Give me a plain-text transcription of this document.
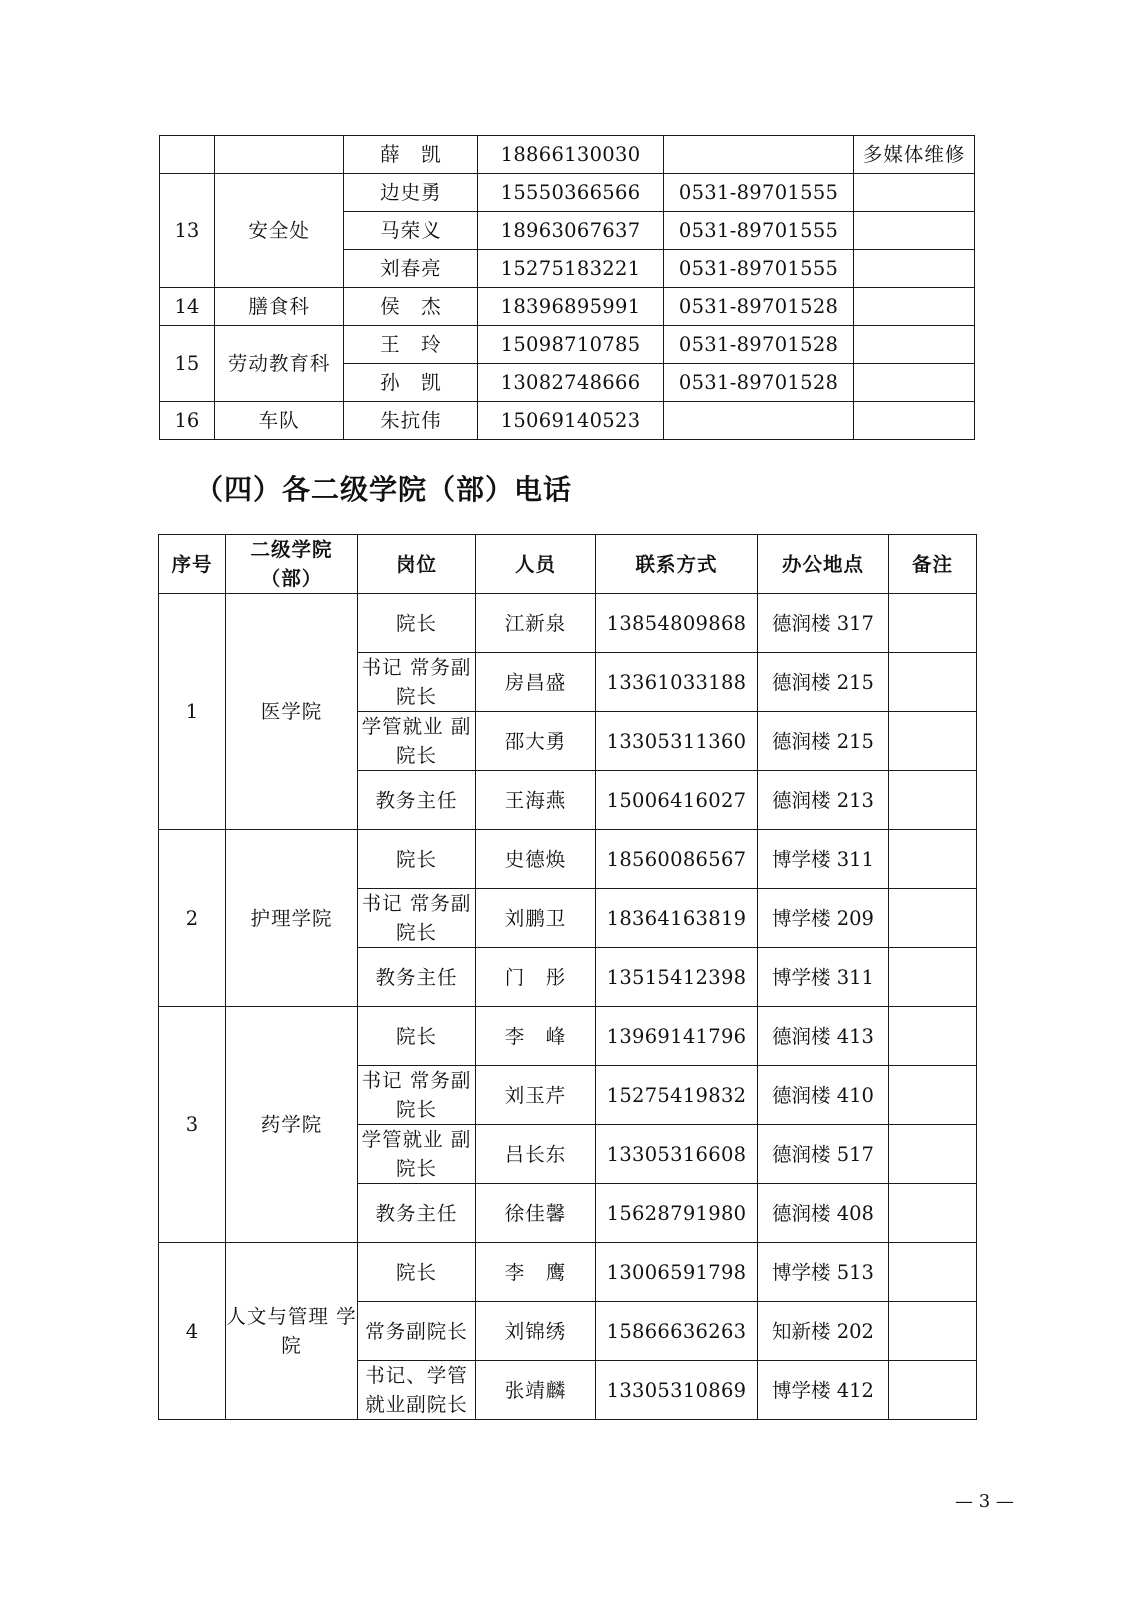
		薛　凯	18866130030		多媒体维修
13	安全处	边史勇	15550366566	0531-89701555	
		马荣义	18963067637	0531-89701555	
		刘春亮	15275183221	0531-89701555	
14	膳食科	侯　杰	18396895991	0531-89701528	
15	劳动教育科	王　玲	15098710785	0531-89701528	
		孙　凯	13082748666	0531-89701528	
16	车队	朱抗伟	15069140523		
（四）各二级学院（部）电话
序号	二级学院（部）	岗位	人员	联系方式	办公地点	备注
1	医学院	院长	江新泉	13854809868	德润楼 317	
		书记 常务副院长	房昌盛	13361033188	德润楼 215	
		学管就业 副院长	邵大勇	13305311360	德润楼 215	
		教务主任	王海燕	15006416027	德润楼 213	
2	护理学院	院长	史德焕	18560086567	博学楼 311	
		书记 常务副院长	刘鹏卫	18364163819	博学楼 209	
		教务主任	门　彤	13515412398	博学楼 311	
3	药学院	院长	李　峰	13969141796	德润楼 413	
		书记 常务副院长	刘玉芹	15275419832	德润楼 410	
		学管就业 副院长	吕长东	13305316608	德润楼 517	
		教务主任	徐佳馨	15628791980	德润楼 408	
4	人文与管理 学院	院长	李　鹰	13006591798	博学楼 513	
		常务副院长	刘锦绣	15866636263	知新楼 202	
		书记、学管 就业副院长	张靖麟	13305310869	博学楼 412	
— 3 —
